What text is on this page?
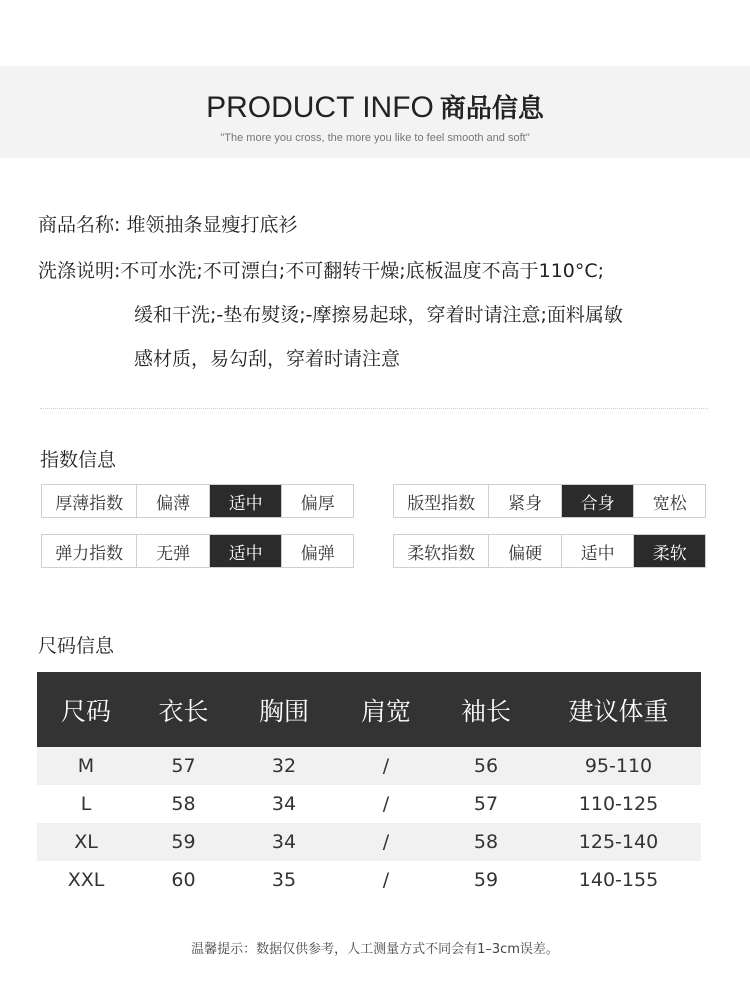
PRODUCT INFO 商品信息
"The more you cross, the more you like to feel smooth and soft"
商品名称: 堆领抽条显瘦打底衫
洗涤说明:不可水洗;不可漂白;不可翻转干燥;底板温度不高于110°C;
缓和干洗;-垫布熨烫;-摩擦易起球，穿着时请注意;面料属敏
感材质，易勾刮，穿着时请注意
指数信息
厚薄指数	偏薄	适中	偏厚	版型指数	紧身	合身	宽松
弹力指数	无弹	适中	偏弹	柔软指数	偏硬	适中	柔软
尺码信息
尺码	衣长	胸围	肩宽	袖长	建议体重
M	57	32	/	56	95-110
L	58	34	/	57	110-125
XL	59	34	/	58	125-140
XXL	60	35	/	59	140-155
温馨提示：数据仅供参考，人工测量方式不同会有1–3cm误差。
